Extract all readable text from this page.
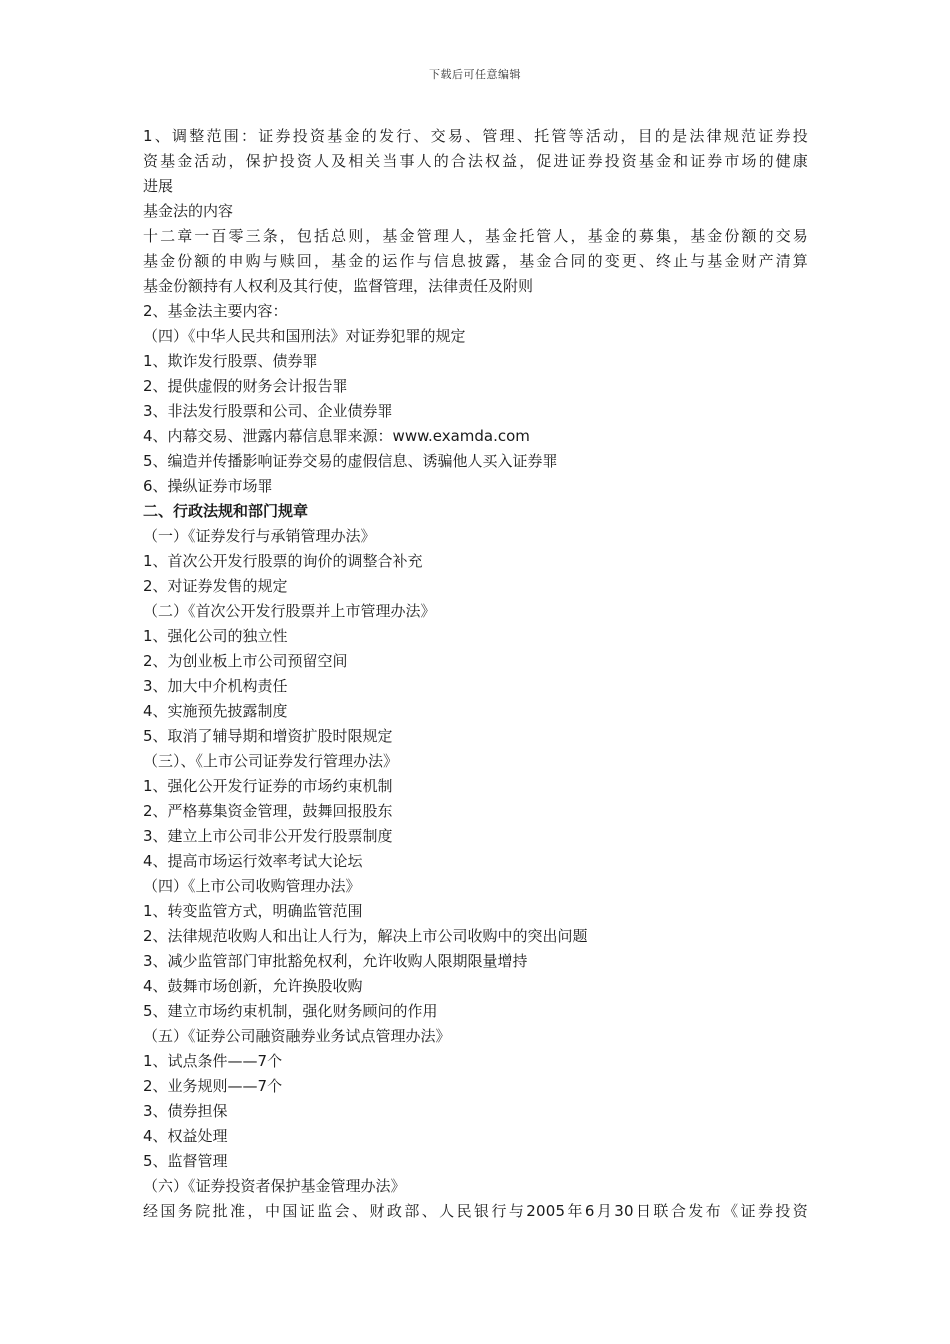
下载后可任意编辑
1、调整范围：证券投资基金的发行、交易、管理、托管等活动，目的是法律规范证券投
资基金活动，保护投资人及相关当事人的合法权益，促进证券投资基金和证券市场的健康
进展
基金法的内容
十二章一百零三条，包括总则，基金管理人，基金托管人，基金的募集，基金份额的交易
基金份额的申购与赎回，基金的运作与信息披露，基金合同的变更、终止与基金财产清算
基金份额持有人权利及其行使，监督管理，法律责任及附则
2、基金法主要内容：
（四）《中华人民共和国刑法》对证券犯罪的规定
1、欺诈发行股票、债券罪
2、提供虚假的财务会计报告罪
3、非法发行股票和公司、企业债券罪
4、内幕交易、泄露内幕信息罪来源：www.examda.com
5、编造并传播影响证券交易的虚假信息、诱骗他人买入证券罪
6、操纵证券市场罪
二、行政法规和部门规章
（一）《证券发行与承销管理办法》
1、首次公开发行股票的询价的调整合补充
2、对证券发售的规定
（二）《首次公开发行股票并上市管理办法》
1、强化公司的独立性
2、为创业板上市公司预留空间
3、加大中介机构责任
4、实施预先披露制度
5、取消了辅导期和增资扩股时限规定
（三）、《上市公司证券发行管理办法》
1、强化公开发行证券的市场约束机制
2、严格募集资金管理，鼓舞回报股东
3、建立上市公司非公开发行股票制度
4、提高市场运行效率考试大论坛
（四）《上市公司收购管理办法》
1、转变监管方式，明确监管范围
2、法律规范收购人和出让人行为，解决上市公司收购中的突出问题
3、减少监管部门审批豁免权利，允许收购人限期限量增持
4、鼓舞市场创新，允许换股收购
5、建立市场约束机制，强化财务顾问的作用
（五）《证券公司融资融券业务试点管理办法》
1、试点条件——7个
2、业务规则——7个
3、债券担保
4、权益处理
5、监督管理
（六）《证券投资者保护基金管理办法》
经国务院批准，中国证监会、财政部、人民银行与2005年6月30日联合发布《证券投资
